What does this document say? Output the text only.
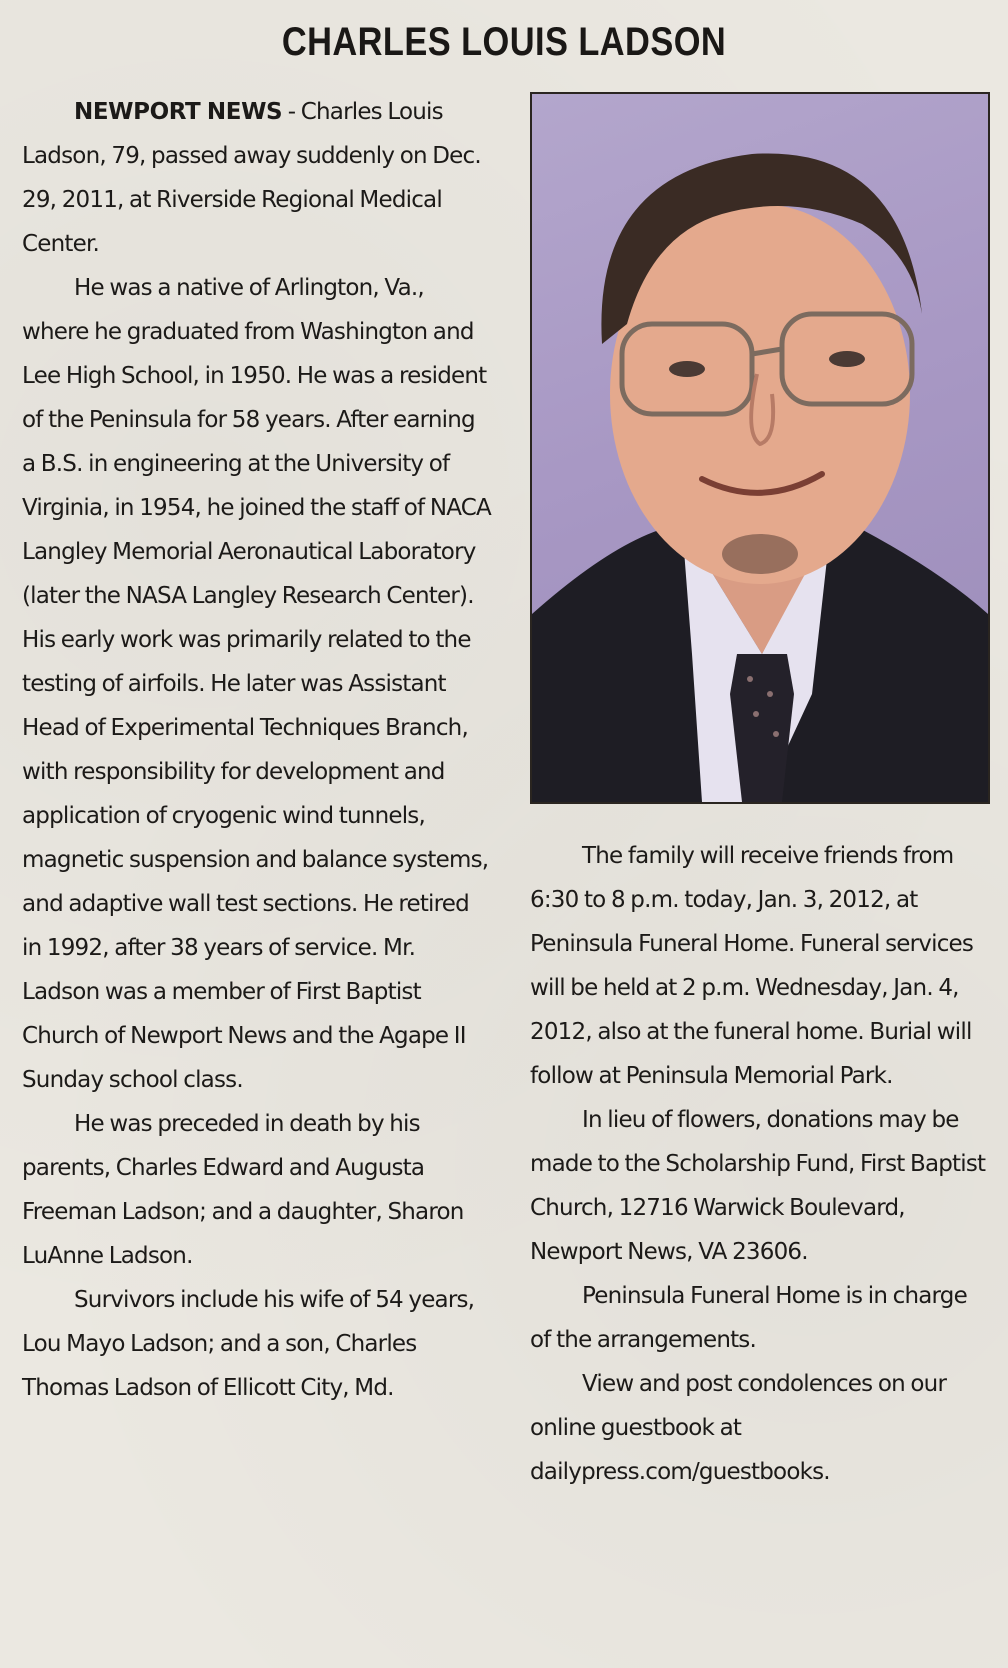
CHARLES LOUIS LADSON

NEWPORT NEWS - Charles Louis Ladson, 79, passed away suddenly on Dec. 29, 2011, at Riverside Regional Medical Center.

He was a native of Arlington, Va., where he graduated from Washington and Lee High School, in 1950. He was a resident of the Peninsula for 58 years. After earning a B.S. in engineering at the University of Virginia, in 1954, he joined the staff of NACA Langley Memorial Aeronautical Laboratory (later the NASA Langley Research Center). His early work was primarily related to the testing of airfoils. He later was Assistant Head of Experimental Techniques Branch, with responsibility for development and application of cryogenic wind tunnels, magnetic suspension and balance systems, and adaptive wall test sections. He retired in 1992, after 38 years of service. Mr. Ladson was a member of First Baptist Church of Newport News and the Agape II Sunday school class.

He was preceded in death by his parents, Charles Edward and Augusta Freeman Ladson; and a daughter, Sharon LuAnne Ladson.

Survivors include his wife of 54 years, Lou Mayo Ladson; and a son, Charles Thomas Ladson of Ellicott City, Md.

The family will receive friends from 6:30 to 8 p.m. today, Jan. 3, 2012, at Peninsula Funeral Home. Funeral services will be held at 2 p.m. Wednesday, Jan. 4, 2012, also at the funeral home. Burial will follow at Peninsula Memorial Park.

In lieu of flowers, donations may be made to the Scholarship Fund, First Baptist Church, 12716 Warwick Boulevard, Newport News, VA 23606.

Peninsula Funeral Home is in charge of the arrangements.

View and post condolences on our online guestbook at dailypress.com/guestbooks.
